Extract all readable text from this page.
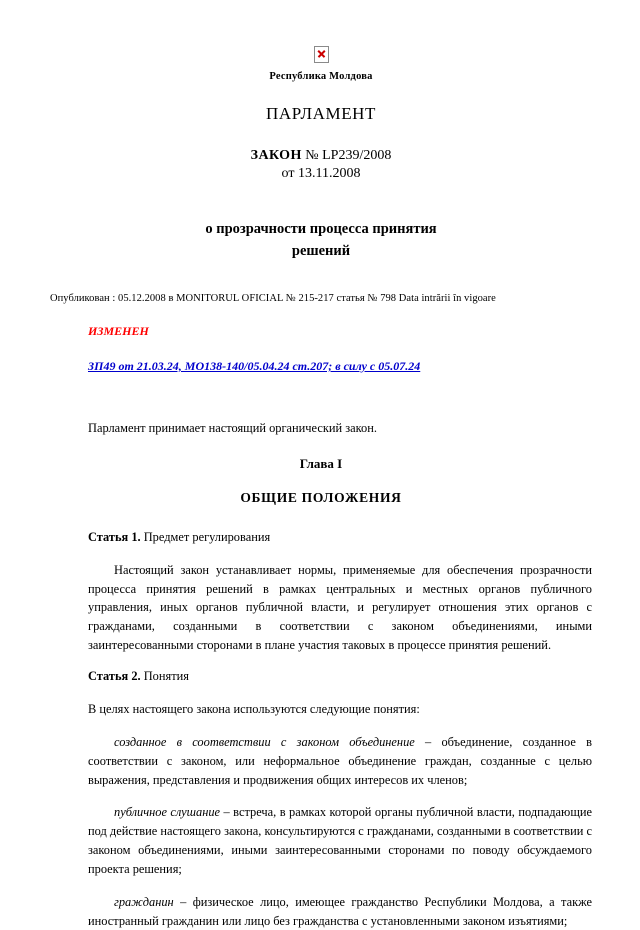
Республика Молдова
ПАРЛАМЕНТ
ЗАКОН № LP239/2008
от 13.11.2008
о прозрачности процесса принятия
решений
Опубликован : 05.12.2008 в MONITORUL OFICIAL № 215-217 статья № 798 Data intrării în vigoare
ИЗМЕНЕН
ЗП49 от 21.03.24, МО138-140/05.04.24 ст.207; в силу с 05.07.24
Парламент принимает настоящий органический закон.
Глава I
ОБЩИЕ ПОЛОЖЕНИЯ
Статья 1. Предмет регулирования
Настоящий закон устанавливает нормы, применяемые для обеспечения прозрачности процесса принятия решений в рамках центральных и местных органов публичного управления, иных органов публичной власти, и регулирует отношения этих органов с гражданами, созданными в соответствии с законом объединениями, иными заинтересованными сторонами в плане участия таковых в процессе принятия решений.
Статья 2. Понятия
В целях настоящего закона используются следующие понятия:
созданное в соответствии с законом объединение – объединение, созданное в соответствии с законом, или неформальное объединение граждан, созданные с целью выражения, представления и продвижения общих интересов их членов;
публичное слушание – встреча, в рамках которой органы публичной власти, подпадающие под действие настоящего закона, консультируются с гражданами, созданными в соответствии с законом объединениями, иными заинтересованными сторонами по поводу обсуждаемого проекта решения;
гражданин – физическое лицо, имеющее гражданство Республики Молдова, а также иностранный гражданин или лицо без гражданства с установленными законом изъятиями;
